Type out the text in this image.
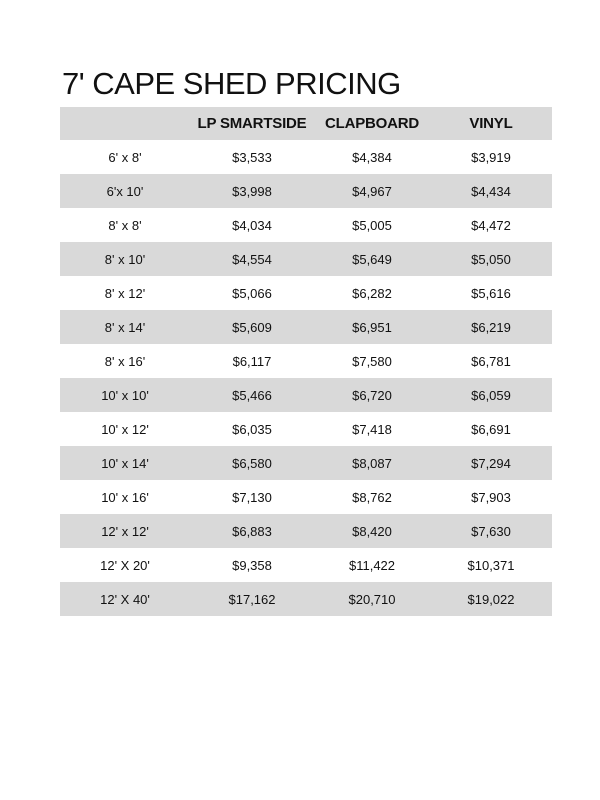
7' CAPE SHED PRICING
	LP SMARTSIDE	CLAPBOARD	VINYL
6' x 8'	$3,533	$4,384	$3,919
6'x 10'	$3,998	$4,967	$4,434
8' x 8'	$4,034	$5,005	$4,472
8' x 10'	$4,554	$5,649	$5,050
8' x 12'	$5,066	$6,282	$5,616
8' x 14'	$5,609	$6,951	$6,219
8' x 16'	$6,117	$7,580	$6,781
10' x 10'	$5,466	$6,720	$6,059
10' x 12'	$6,035	$7,418	$6,691
10' x 14'	$6,580	$8,087	$7,294
10' x 16'	$7,130	$8,762	$7,903
12' x 12'	$6,883	$8,420	$7,630
12' X 20'	$9,358	$11,422	$10,371
12' X 40'	$17,162	$20,710	$19,022
